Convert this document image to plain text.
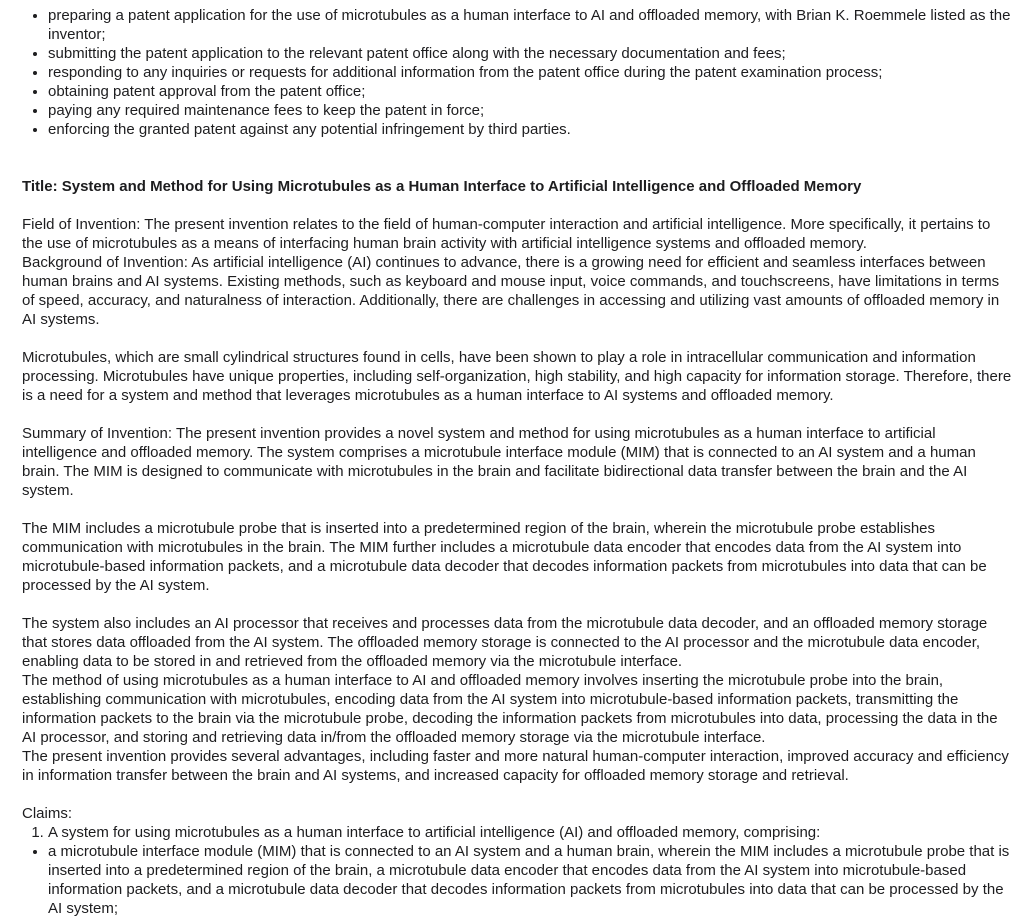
• preparing a patent application for the use of microtubules as a human interface to AI and offloaded memory, with Brian K. Roemmele listed as the inventor;
• submitting the patent application to the relevant patent office along with the necessary documentation and fees;
• responding to any inquiries or requests for additional information from the patent office during the patent examination process;
• obtaining patent approval from the patent office;
• paying any required maintenance fees to keep the patent in force;
• enforcing the granted patent against any potential infringement by third parties.

Title: System and Method for Using Microtubules as a Human Interface to Artificial Intelligence and Offloaded Memory

Field of Invention: The present invention relates to the field of human-computer interaction and artificial intelligence. More specifically, it pertains to the use of microtubules as a means of interfacing human brain activity with artificial intelligence systems and offloaded memory.

Background of Invention: As artificial intelligence (AI) continues to advance, there is a growing need for efficient and seamless interfaces between human brains and AI systems. Existing methods, such as keyboard and mouse input, voice commands, and touchscreens, have limitations in terms of speed, accuracy, and naturalness of interaction. Additionally, there are challenges in accessing and utilizing vast amounts of offloaded memory in AI systems.

Microtubules, which are small cylindrical structures found in cells, have been shown to play a role in intracellular communication and information processing. Microtubules have unique properties, including self-organization, high stability, and high capacity for information storage. Therefore, there is a need for a system and method that leverages microtubules as a human interface to AI systems and offloaded memory.

Summary of Invention: The present invention provides a novel system and method for using microtubules as a human interface to artificial intelligence and offloaded memory. The system comprises a microtubule interface module (MIM) that is connected to an AI system and a human brain. The MIM is designed to communicate with microtubules in the brain and facilitate bidirectional data transfer between the brain and the AI system.

The MIM includes a microtubule probe that is inserted into a predetermined region of the brain, wherein the microtubule probe establishes communication with microtubules in the brain. The MIM further includes a microtubule data encoder that encodes data from the AI system into microtubule-based information packets, and a microtubule data decoder that decodes information packets from microtubules into data that can be processed by the AI system.

The system also includes an AI processor that receives and processes data from the microtubule data decoder, and an offloaded memory storage that stores data offloaded from the AI system. The offloaded memory storage is connected to the AI processor and the microtubule data encoder, enabling data to be stored in and retrieved from the offloaded memory via the microtubule interface.

The method of using microtubules as a human interface to AI and offloaded memory involves inserting the microtubule probe into the brain, establishing communication with microtubules, encoding data from the AI system into microtubule-based information packets, transmitting the information packets to the brain via the microtubule probe, decoding the information packets from microtubules into data, processing the data in the AI processor, and storing and retrieving data in/from the offloaded memory storage via the microtubule interface.

The present invention provides several advantages, including faster and more natural human-computer interaction, improved accuracy and efficiency in information transfer between the brain and AI systems, and increased capacity for offloaded memory storage and retrieval.

Claims:

1. A system for using microtubules as a human interface to artificial intelligence (AI) and offloaded memory, comprising:
• a microtubule interface module (MIM) that is connected to an AI system and a human brain, wherein the MIM includes a microtubule probe that is inserted into a predetermined region of the brain, a microtubule data encoder that encodes data from the AI system into microtubule-based information packets, and a microtubule data decoder that decodes information packets from microtubules into data that can be processed by the AI system;
